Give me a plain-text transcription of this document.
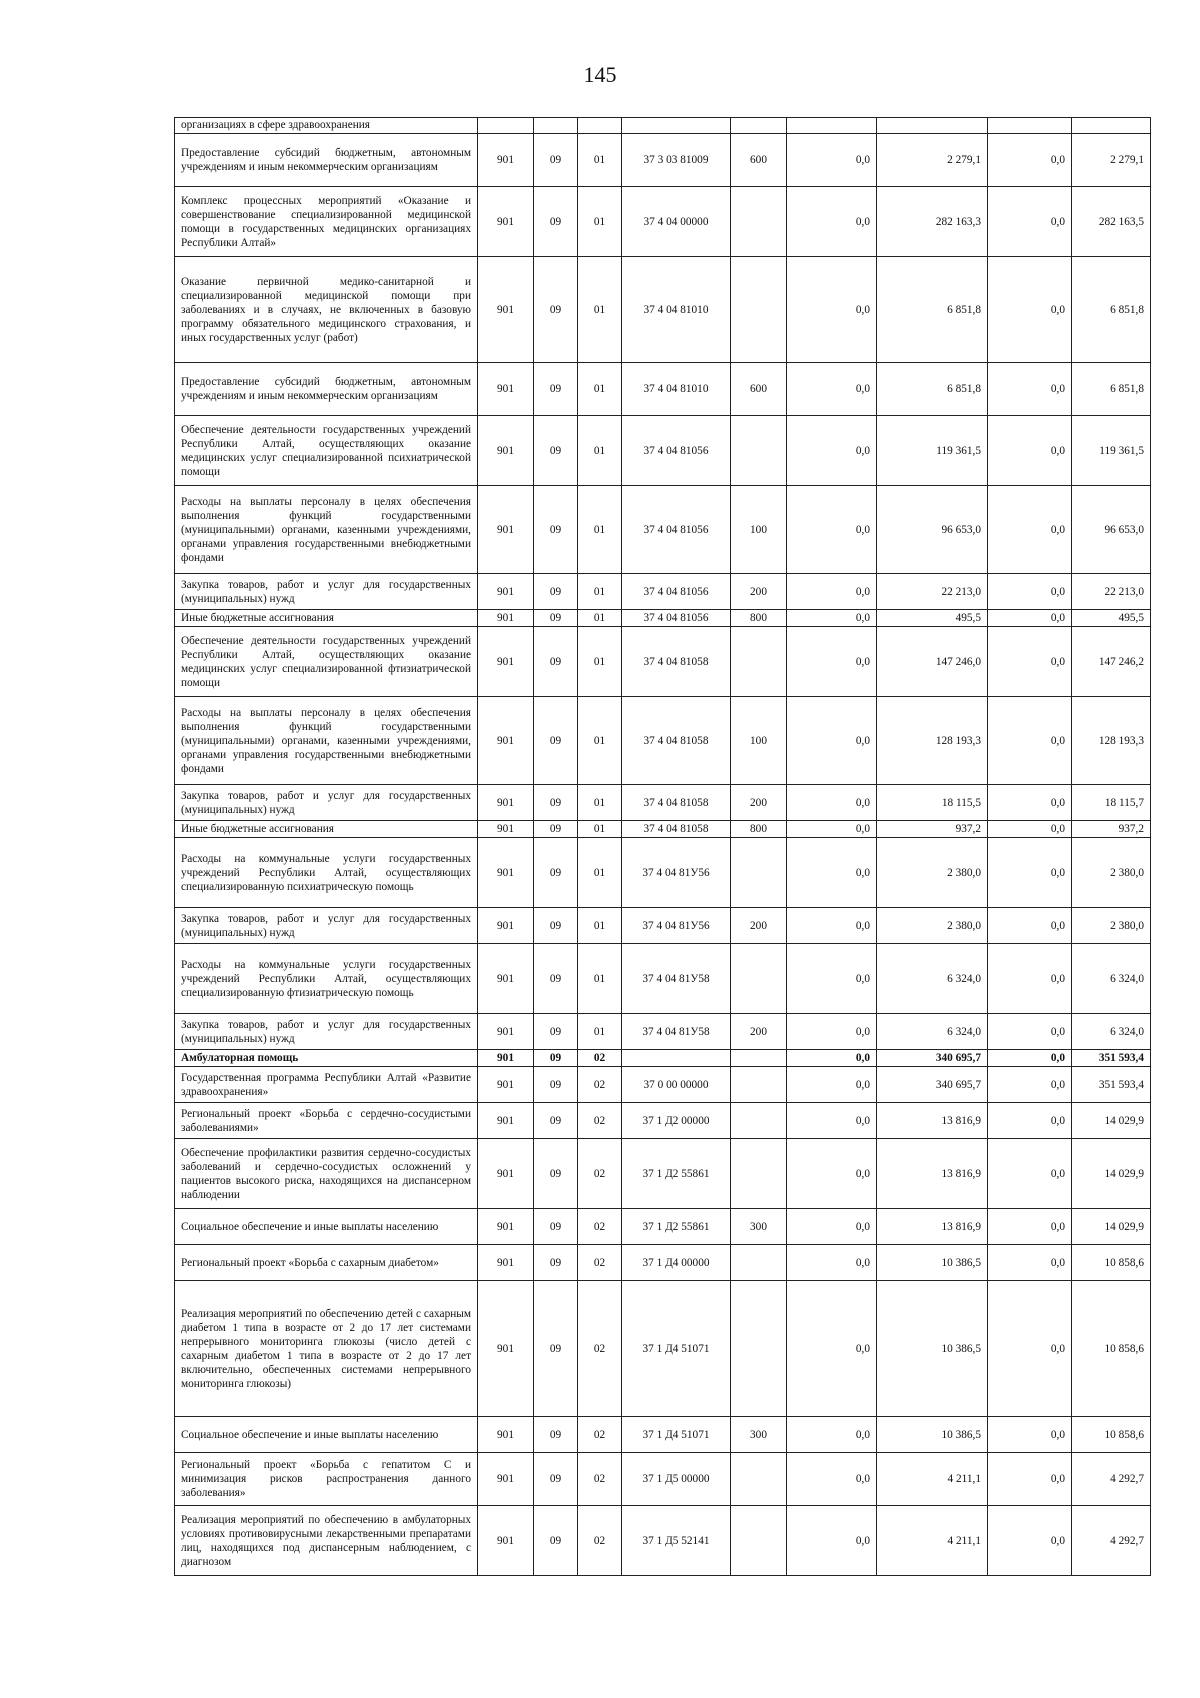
145
организациях в сфере здравоохранения									
Предоставление субсидий бюджетным, автономным учреждениям и иным некоммерческим организациям	901	09	01	37 3 03 81009	600	0,0	2 279,1	0,0	2 279,1
Комплекс процессных мероприятий «Оказание и совершенствование специализированной медицинской помощи в государственных медицинских организациях Республики Алтай»	901	09	01	37 4 04 00000		0,0	282 163,3	0,0	282 163,5
Оказание первичной медико-санитарной и специализированной медицинской помощи при заболеваниях и в случаях, не включенных в базовую программу обязательного медицинского страхования, и иных государственных услуг (работ)	901	09	01	37 4 04 81010		0,0	6 851,8	0,0	6 851,8
Предоставление субсидий бюджетным, автономным учреждениям и иным некоммерческим организациям	901	09	01	37 4 04 81010	600	0,0	6 851,8	0,0	6 851,8
Обеспечение деятельности государственных учреждений Республики Алтай, осуществляющих оказание медицинских услуг специализированной психиатрической помощи	901	09	01	37 4 04 81056		0,0	119 361,5	0,0	119 361,5
Расходы на выплаты персоналу в целях обеспечения выполнения функций государственными (муниципальными) органами, казенными учреждениями, органами управления государственными внебюджетными фондами	901	09	01	37 4 04 81056	100	0,0	96 653,0	0,0	96 653,0
Закупка товаров, работ и услуг для государственных (муниципальных) нужд	901	09	01	37 4 04 81056	200	0,0	22 213,0	0,0	22 213,0
Иные бюджетные ассигнования	901	09	01	37 4 04 81056	800	0,0	495,5	0,0	495,5
Обеспечение деятельности государственных учреждений Республики Алтай, осуществляющих оказание медицинских услуг специализированной фтизиатрической помощи	901	09	01	37 4 04 81058		0,0	147 246,0	0,0	147 246,2
Расходы на выплаты персоналу в целях обеспечения выполнения функций государственными (муниципальными) органами, казенными учреждениями, органами управления государственными внебюджетными фондами	901	09	01	37 4 04 81058	100	0,0	128 193,3	0,0	128 193,3
Закупка товаров, работ и услуг для государственных (муниципальных) нужд	901	09	01	37 4 04 81058	200	0,0	18 115,5	0,0	18 115,7
Иные бюджетные ассигнования	901	09	01	37 4 04 81058	800	0,0	937,2	0,0	937,2
Расходы на коммунальные услуги государственных учреждений Республики Алтай, осуществляющих специализированную психиатрическую помощь	901	09	01	37 4 04 81У56		0,0	2 380,0	0,0	2 380,0
Закупка товаров, работ и услуг для государственных (муниципальных) нужд	901	09	01	37 4 04 81У56	200	0,0	2 380,0	0,0	2 380,0
Расходы на коммунальные услуги государственных учреждений Республики Алтай, осуществляющих специализированную фтизиатрическую помощь	901	09	01	37 4 04 81У58		0,0	6 324,0	0,0	6 324,0
Закупка товаров, работ и услуг для государственных (муниципальных) нужд	901	09	01	37 4 04 81У58	200	0,0	6 324,0	0,0	6 324,0
Амбулаторная помощь	901	09	02			0,0	340 695,7	0,0	351 593,4
Государственная программа Республики Алтай «Развитие здравоохранения»	901	09	02	37 0 00 00000		0,0	340 695,7	0,0	351 593,4
Региональный проект «Борьба с сердечно-сосудистыми заболеваниями»	901	09	02	37 1 Д2 00000		0,0	13 816,9	0,0	14 029,9
Обеспечение профилактики развития сердечно-сосудистых заболеваний и сердечно-сосудистых осложнений у пациентов высокого риска, находящихся на диспансерном наблюдении	901	09	02	37 1 Д2 55861		0,0	13 816,9	0,0	14 029,9
Социальное обеспечение и иные выплаты населению	901	09	02	37 1 Д2 55861	300	0,0	13 816,9	0,0	14 029,9
Региональный проект «Борьба с сахарным диабетом»	901	09	02	37 1 Д4 00000		0,0	10 386,5	0,0	10 858,6
Реализация мероприятий по обеспечению детей с сахарным диабетом 1 типа в возрасте от 2 до 17 лет системами непрерывного мониторинга глюкозы (число детей с сахарным диабетом 1 типа в возрасте от 2 до 17 лет включительно, обеспеченных системами непрерывного мониторинга глюкозы)	901	09	02	37 1 Д4 51071		0,0	10 386,5	0,0	10 858,6
Социальное обеспечение и иные выплаты населению	901	09	02	37 1 Д4 51071	300	0,0	10 386,5	0,0	10 858,6
Региональный проект «Борьба с гепатитом С и минимизация рисков распространения данного заболевания»	901	09	02	37 1 Д5 00000		0,0	4 211,1	0,0	4 292,7
Реализация мероприятий по обеспечению в амбулаторных условиях противовирусными лекарственными препаратами лиц, находящихся под диспансерным наблюдением, с диагнозом	901	09	02	37 1 Д5 52141		0,0	4 211,1	0,0	4 292,7
